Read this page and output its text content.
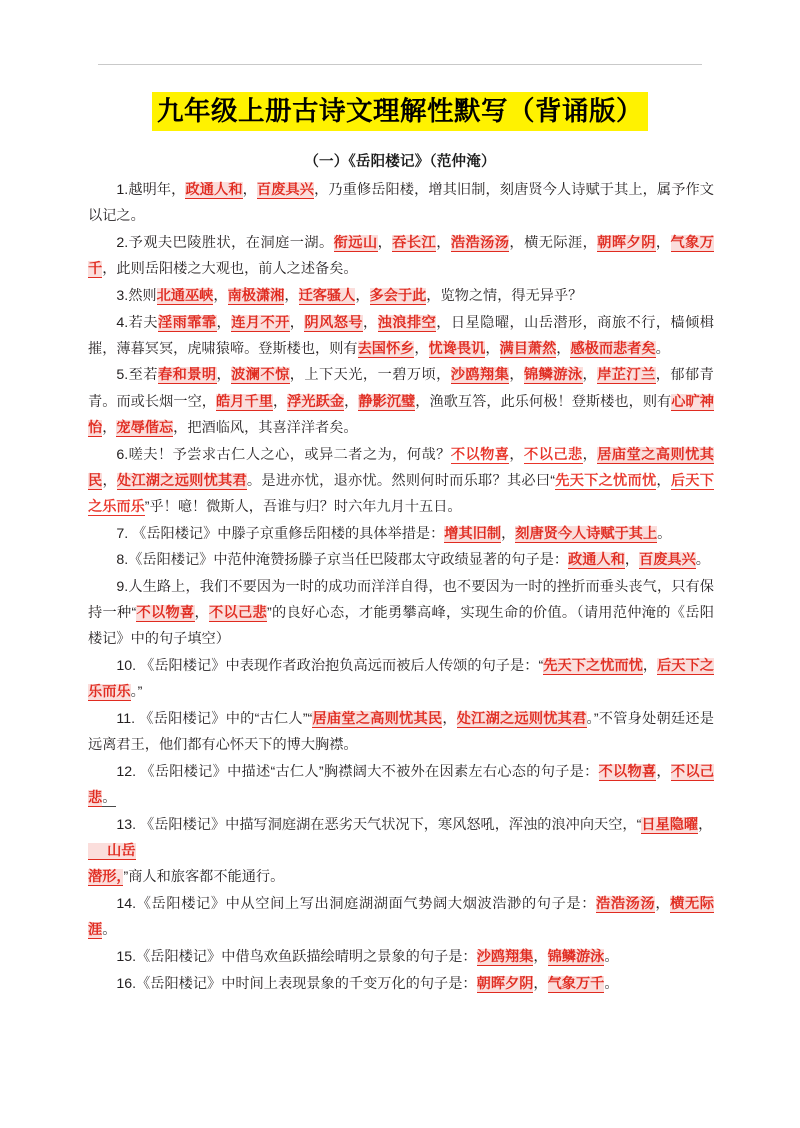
九年级上册古诗文理解性默写（背诵版）
（一）《岳阳楼记》（范仲淹）

1.越明年，政通人和，百废具兴，乃重修岳阳楼，增其旧制，刻唐贤今人诗赋于其上，属予作文以记之。

2.予观夫巴陵胜状，在洞庭一湖。衔远山，吞长江，浩浩汤汤，横无际涯，朝晖夕阴，气象万千，此则岳阳楼之大观也，前人之述备矣。

3.然则北通巫峡，南极潇湘，迁客骚人，多会于此，览物之情，得无异乎？

4.若夫淫雨霏霏，连月不开，阴风怒号，浊浪排空，日星隐曜，山岳潜形，商旅不行，樯倾楫摧，薄暮冥冥，虎啸猿啼。登斯楼也，则有去国怀乡，忧谗畏讥，满目萧然，感极而悲者矣。

5.至若春和景明，波澜不惊，上下天光，一碧万顷，沙鸥翔集，锦鳞游泳，岸芷汀兰，郁郁青青。而或长烟一空，皓月千里，浮光跃金，静影沉璧，渔歌互答，此乐何极！登斯楼也，则有心旷神怡，宠辱偕忘，把酒临风，其喜洋洋者矣。

6.嗟夫！予尝求古仁人之心，或异二者之为，何哉？不以物喜，不以己悲，居庙堂之高则忧其民，处江湖之远则忧其君。是进亦忧，退亦忧。然则何时而乐耶？其必曰“先天下之忧而忧，后天下之乐而乐”乎！噫！微斯人，吾谁与归？时六年九月十五日。

7. 《岳阳楼记》中滕子京重修岳阳楼的具体举措是：增其旧制，刻唐贤今人诗赋于其上。

8.《岳阳楼记》中范仲淹赞扬滕子京当任巴陵郡太守政绩显著的句子是：政通人和，百废具兴。

9.人生路上，我们不要因为一时的成功而洋洋自得，也不要因为一时的挫折而垂头丧气，只有保持一种“不以物喜，不以己悲”的良好心态，才能勇攀高峰，实现生命的价值。（请用范仲淹的《岳阳楼记》中的句子填空）

10. 《岳阳楼记》中表现作者政治抱负高远而被后人传颂的句子是：“先天下之忧而忧，后天下之乐而乐。”

11. 《岳阳楼记》中的“古仁人”“居庙堂之高则忧其民，处江湖之远则忧其君。”不管身处朝廷还是远离君王，他们都有心怀天下的博大胸襟。

12. 《岳阳楼记》中描述“古仁人”胸襟阔大不被外在因素左右心态的句子是：不以物喜，不以己悲。

13. 《岳阳楼记》中描写洞庭湖在恶劣天气状况下，寒风怒吼，浑浊的浪冲向天空，“日星隐曜，
山岳
潜形，”商人和旅客都不能通行。

14.《岳阳楼记》中从空间上写出洞庭湖湖面气势阔大烟波浩渺的句子是：浩浩汤汤，横无际涯。

15.《岳阳楼记》中借鸟欢鱼跃描绘晴明之景象的句子是：沙鸥翔集，锦鳞游泳。

16.《岳阳楼记》中时间上表现景象的千变万化的句子是：朝晖夕阴，气象万千。
